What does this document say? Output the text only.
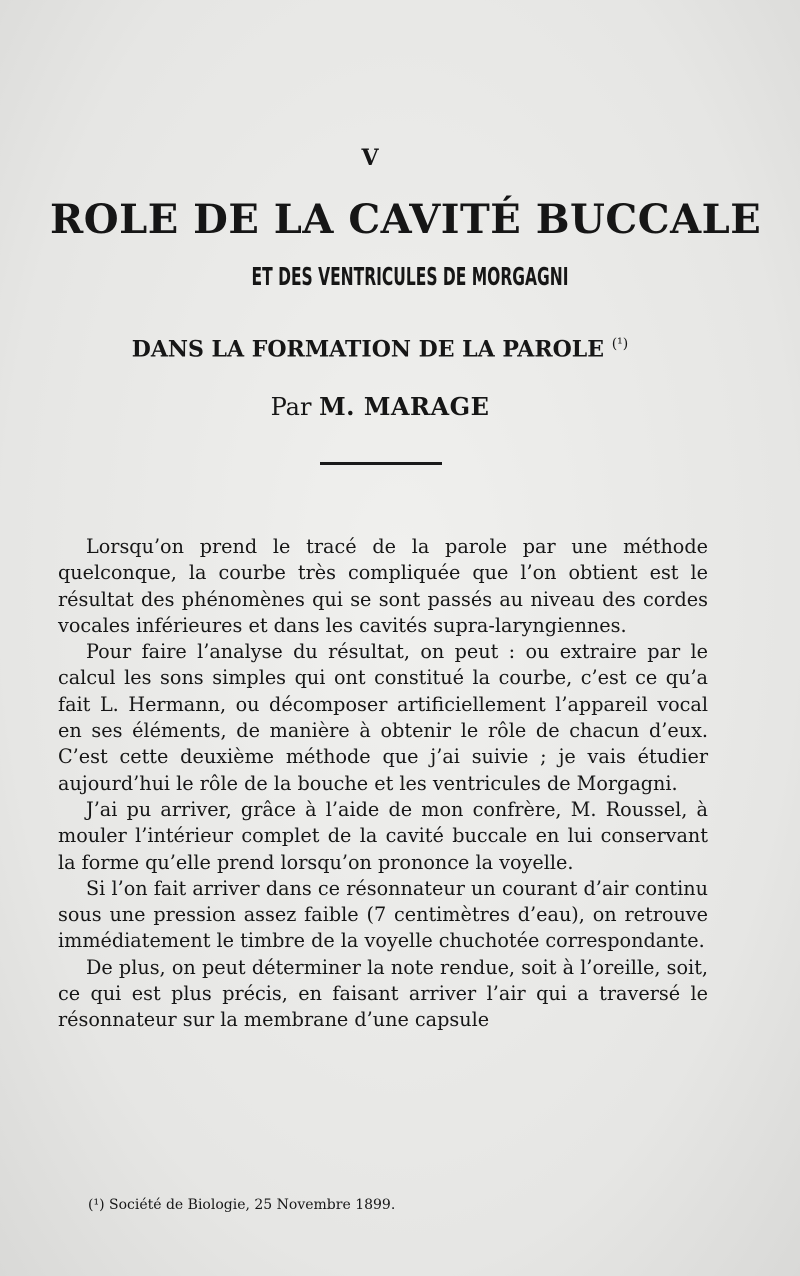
V
ROLE DE LA CAVITÉ BUCCALE
ET DES VENTRICULES DE MORGAGNI
DANS LA FORMATION DE LA PAROLE $^{(^1)}$
Par M. MARAGE

Lorsqu’on prend le tracé de la parole par une méthode quelconque, la courbe très compliquée que l’on obtient est le résultat des phénomènes qui se sont passés au niveau des cordes vocales inférieures et dans les cavités supra-laryngiennes.

Pour faire l’analyse du résultat, on peut : ou extraire par le calcul les sons simples qui ont constitué la courbe, c’est ce qu’a fait L. Hermann, ou décomposer artificiellement l’appareil vocal en ses éléments, de manière à obtenir le rôle de chacun d’eux. C’est cette deuxième méthode que j’ai suivie ; je vais étudier aujourd’hui le rôle de la bouche et les ventricules de Morgagni.

J’ai pu arriver, grâce à l’aide de mon confrère, M. Roussel, à mouler l’intérieur complet de la cavité buccale en lui conservant la forme qu’elle prend lorsqu’on prononce la voyelle.

Si l’on fait arriver dans ce résonnateur un courant d’air continu sous une pression assez faible (7 centimètres d’eau), on retrouve immédiatement le timbre de la voyelle chuchotée correspondante.

De plus, on peut déterminer la note rendue, soit à l’oreille, soit, ce qui est plus précis, en faisant arriver l’air qui a traversé le résonnateur sur la membrane d’une capsule

(¹) Société de Biologie, 25 Novembre 1899.
